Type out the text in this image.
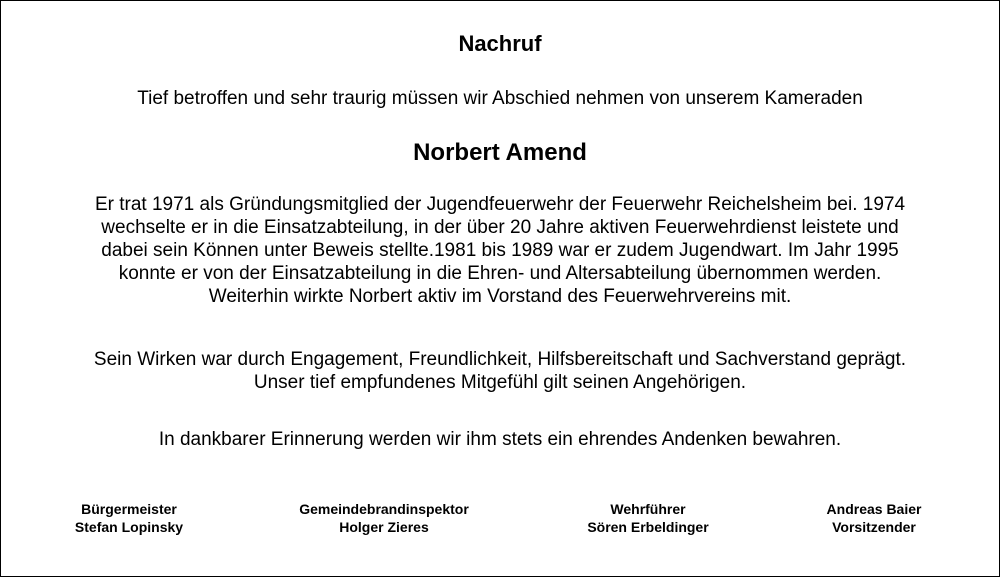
Nachruf
Tief betroffen und sehr traurig müssen wir Abschied nehmen von unserem Kameraden
Norbert Amend
Er trat 1971 als Gründungsmitglied der Jugendfeuerwehr der Feuerwehr Reichelsheim bei. 1974
wechselte er in die Einsatzabteilung, in der über 20 Jahre aktiven Feuerwehrdienst leistete und
dabei sein Können unter Beweis stellte.1981 bis 1989 war er zudem Jugendwart. Im Jahr 1995
konnte er von der Einsatzabteilung in die Ehren- und Altersabteilung übernommen werden.
Weiterhin wirkte Norbert aktiv im Vorstand des Feuerwehrvereins mit.
Sein Wirken war durch Engagement, Freundlichkeit, Hilfsbereitschaft und Sachverstand geprägt.
Unser tief empfundenes Mitgefühl gilt seinen Angehörigen.
In dankbarer Erinnerung werden wir ihm stets ein ehrendes Andenken bewahren.
Bürgermeister
Stefan Lopinsky
Gemeindebrandinspektor
Holger Zieres
Wehrführer
Sören Erbeldinger
Andreas Baier
Vorsitzender
